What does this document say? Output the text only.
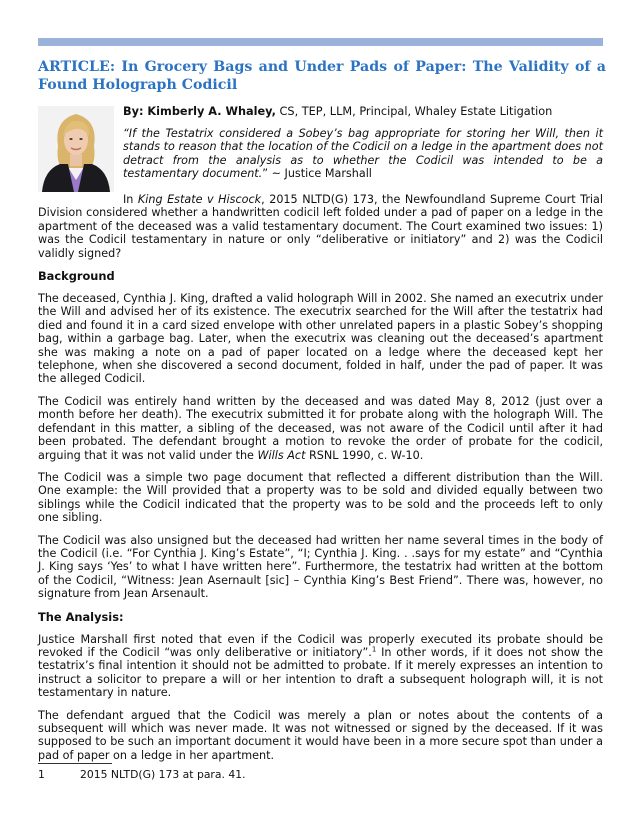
ARTICLE: In Grocery Bags and Under Pads of Paper: The Validity of a Found Holograph Codicil
By: Kimberly A. Whaley, CS, TEP, LLM, Principal, Whaley Estate Litigation

“If the Testatrix considered a Sobey’s bag appropriate for storing her Will, then it stands to reason that the location of the Codicil on a ledge in the apartment does not detract from the analysis as to whether the Codicil was intended to be a testamentary document.” ~ Justice Marshall

In King Estate v Hiscock, 2015 NLTD(G) 173, the Newfoundland Supreme Court Trial Division considered whether a handwritten codicil left folded under a pad of paper on a ledge in the apartment of the deceased was a valid testamentary document. The Court examined two issues: 1) was the Codicil testamentary in nature or only “deliberative or initiatory” and 2) was the Codicil validly signed?

Background

The deceased, Cynthia J. King, drafted a valid holograph Will in 2002. She named an executrix under the Will and advised her of its existence. The executrix searched for the Will after the testatrix had died and found it in a card sized envelope with other unrelated papers in a plastic Sobey’s shopping bag, within a garbage bag. Later, when the executrix was cleaning out the deceased’s apartment she was making a note on a pad of paper located on a ledge where the deceased kept her telephone, when she discovered a second document, folded in half, under the pad of paper. It was the alleged Codicil.

The Codicil was entirely hand written by the deceased and was dated May 8, 2012 (just over a month before her death). The executrix submitted it for probate along with the holograph Will. The defendant in this matter, a sibling of the deceased, was not aware of the Codicil until after it had been probated. The defendant brought a motion to revoke the order of probate for the codicil, arguing that it was not valid under the Wills Act RSNL 1990, c. W-10.

The Codicil was a simple two page document that reflected a different distribution than the Will. One example: the Will provided that a property was to be sold and divided equally between two siblings while the Codicil indicated that the property was to be sold and the proceeds left to only one sibling.

The Codicil was also unsigned but the deceased had written her name several times in the body of the Codicil (i.e. “For Cynthia J. King’s Estate”, “I; Cynthia J. King. . .says for my estate” and “Cynthia J. King says ‘Yes’ to what I have written here”. Furthermore, the testatrix had written at the bottom of the Codicil, “Witness: Jean Asernault [sic] – Cynthia King’s Best Friend”. There was, however, no signature from Jean Arsenault.

The Analysis:

Justice Marshall first noted that even if the Codicil was properly executed its probate should be revoked if the Codicil “was only deliberative or initiatory”.$^1$ In other words, if it does not show the testatrix’s final intention it should not be admitted to probate. If it merely expresses an intention to instruct a solicitor to prepare a will or her intention to draft a subsequent holograph will, it is not testamentary in nature.

The defendant argued that the Codicil was merely a plan or notes about the contents of a subsequent will which was never made. It was not witnessed or signed by the deceased. If it was supposed to be such an important document it would have been in a more secure spot than under a pad of paper on a ledge in her apartment.

1	2015 NLTD(G) 173 at para. 41.
